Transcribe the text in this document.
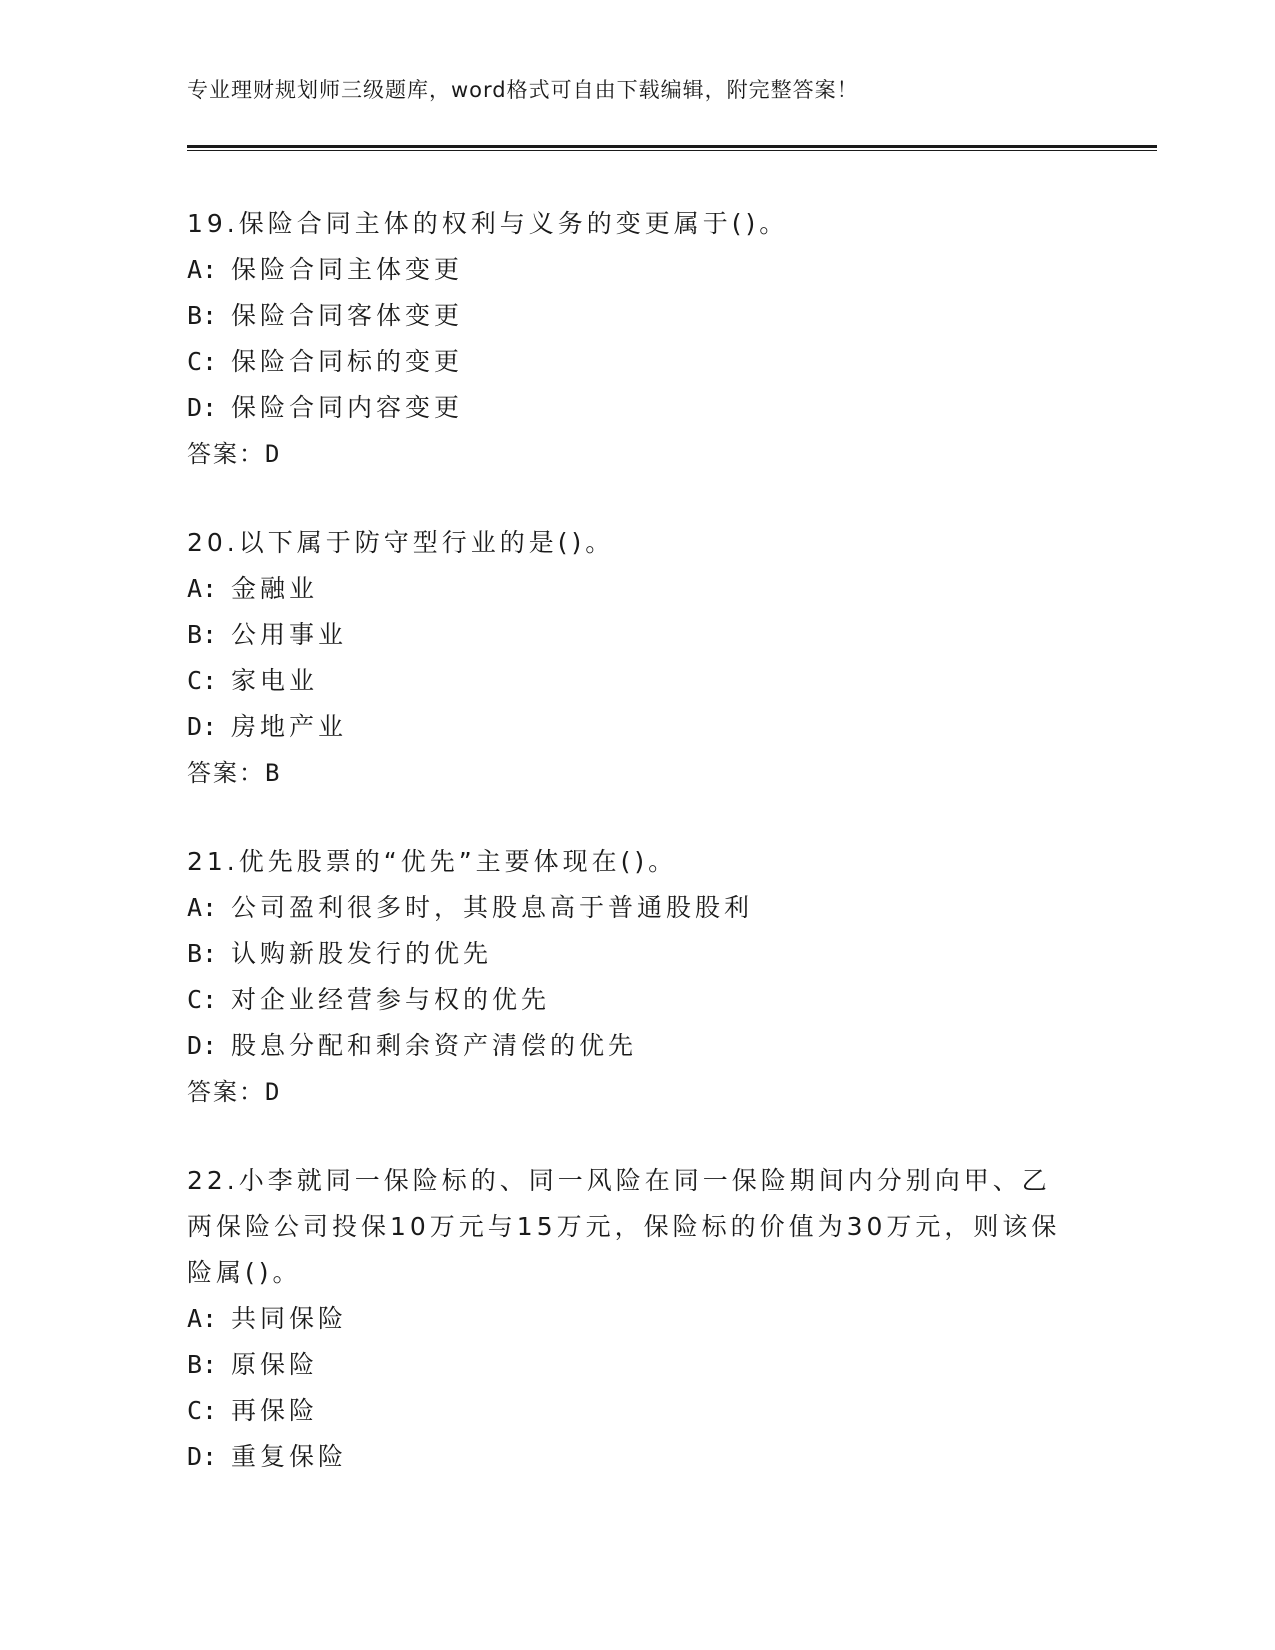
专业理财规划师三级题库，word格式可自由下载编辑，附完整答案！
19.保险合同主体的权利与义务的变更属于()。
A: 保险合同主体变更
B: 保险合同客体变更
C: 保险合同标的变更
D: 保险合同内容变更
答案：D
20.以下属于防守型行业的是()。
A: 金融业
B: 公用事业
C: 家电业
D: 房地产业
答案：B
21.优先股票的“优先”主要体现在()。
A: 公司盈利很多时，其股息高于普通股股利
B: 认购新股发行的优先
C: 对企业经营参与权的优先
D: 股息分配和剩余资产清偿的优先
答案：D
22.小李就同一保险标的、同一风险在同一保险期间内分别向甲、乙两保险公司投保10万元与15万元，保险标的价值为30万元，则该保险属()。
A: 共同保险
B: 原保险
C: 再保险
D: 重复保险
